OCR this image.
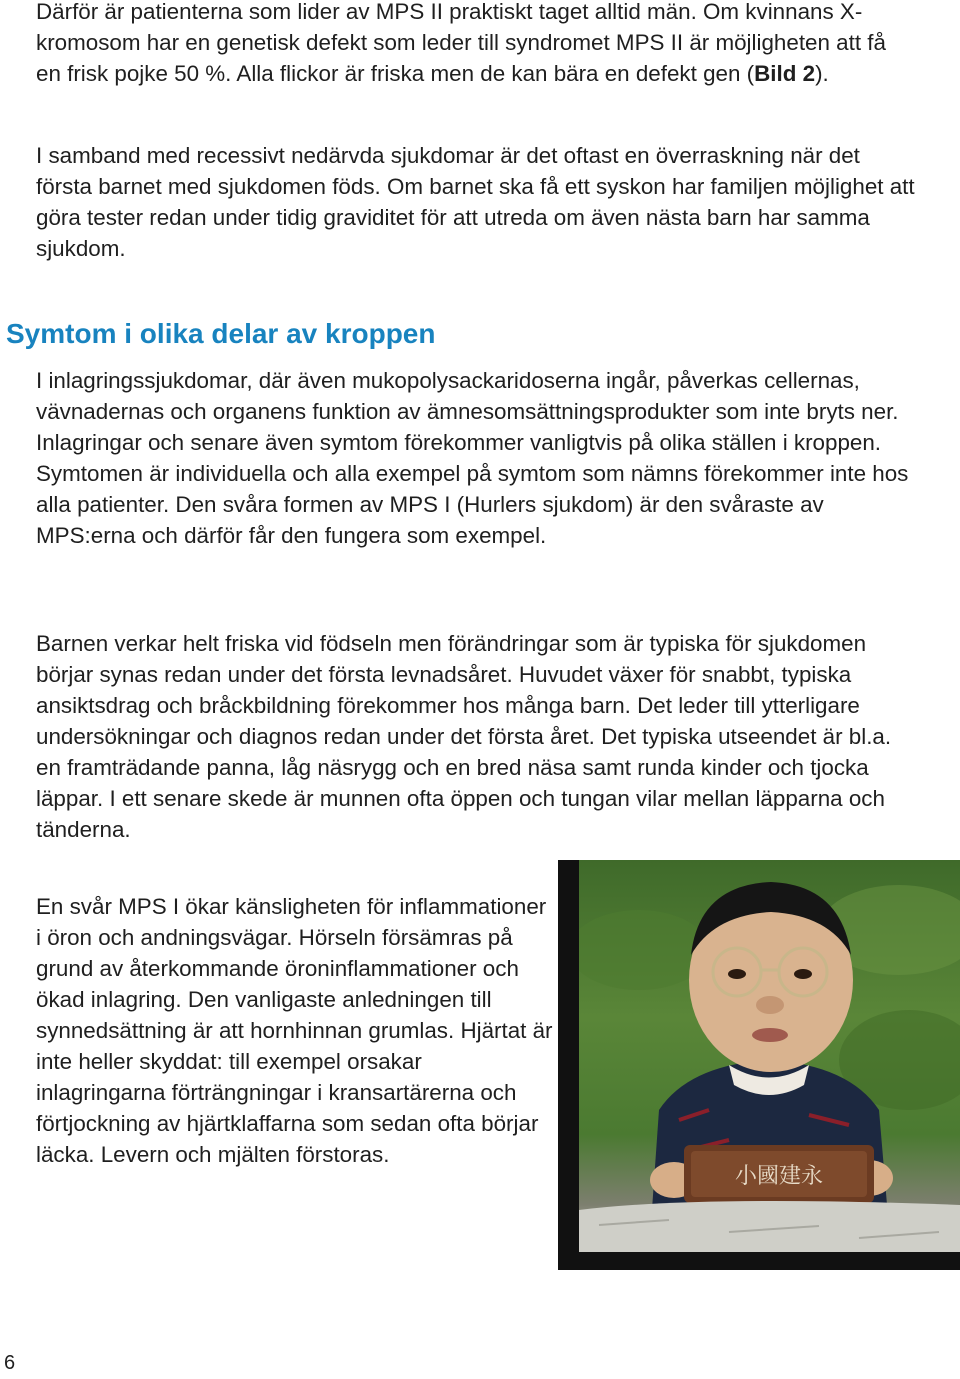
Därför är patienterna som lider av MPS II praktiskt taget alltid män. Om kvinnans X-kromosom har en genetisk defekt som leder till syndromet MPS II är möjligheten att få en frisk pojke 50 %. Alla flickor är friska men de kan bära en defekt gen (Bild 2).

I samband med recessivt nedärvda sjukdomar är det oftast en överraskning när det första barnet med sjukdomen föds. Om barnet ska få ett syskon har familjen möjlighet att göra tester redan under tidig graviditet för att utreda om även nästa barn har samma sjukdom.

Symtom i olika delar av kroppen

I inlagringssjukdomar, där även mukopolysackaridoserna ingår, påverkas cellernas, vävnadernas och organens funktion av ämnesomsättningsprodukter som inte bryts ner. Inlagringar och senare även symtom förekommer vanligtvis på olika ställen i kroppen. Symtomen är individuella och alla exempel på symtom som nämns förekommer inte hos alla patienter. Den svåra formen av MPS I (Hurlers sjukdom) är den svåraste av MPS:erna och därför får den fungera som exempel.

Barnen verkar helt friska vid födseln men förändringar som är typiska för sjukdomen börjar synas redan under det första levnadsåret. Huvudet växer för snabbt, typiska ansiktsdrag och bråckbildning förekommer hos många barn. Det leder till ytterligare undersökningar och diagnos redan under det första året. Det typiska utseendet är bl.a. en framträdande panna, låg näsrygg och en bred näsa samt runda kinder och tjocka läppar. I ett senare skede är munnen ofta öppen och tungan vilar mellan läpparna och tänderna.

En svår MPS I ökar känsligheten för inflammationer i öron och andningsvägar. Hörseln försämras på grund av återkommande öroninflammationer och ökad inlagring. Den vanligaste anledningen till synnedsättning är att hornhinnan grumlas. Hjärtat är inte heller skyddat: till exempel orsakar inlagringarna förträngningar i kransartärerna och förtjockning av hjärtklaffarna som sedan ofta börjar läcka. Levern och mjälten förstoras.

小國建永
6
